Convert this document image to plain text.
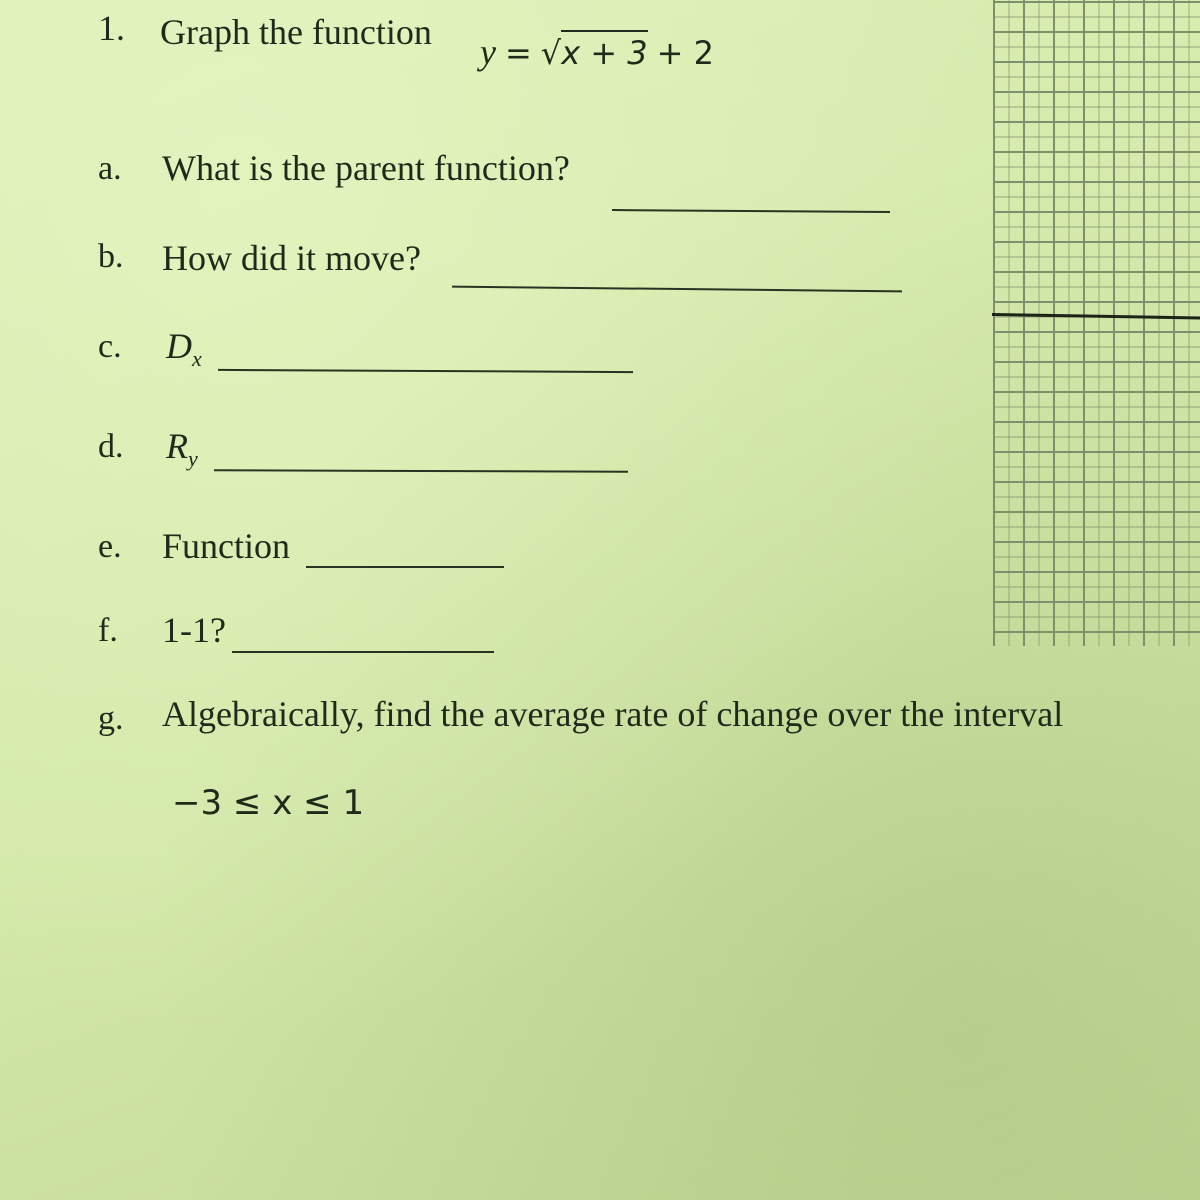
1. Graph the function y = √x + 3 + 2
a. What is the parent function?
b. How did it move?
c. $D_x$
d. $R_y$
e. Function
f. 1-1?
g. Algebraically, find the average rate of change over the interval
−3 ≤ x ≤ 1
